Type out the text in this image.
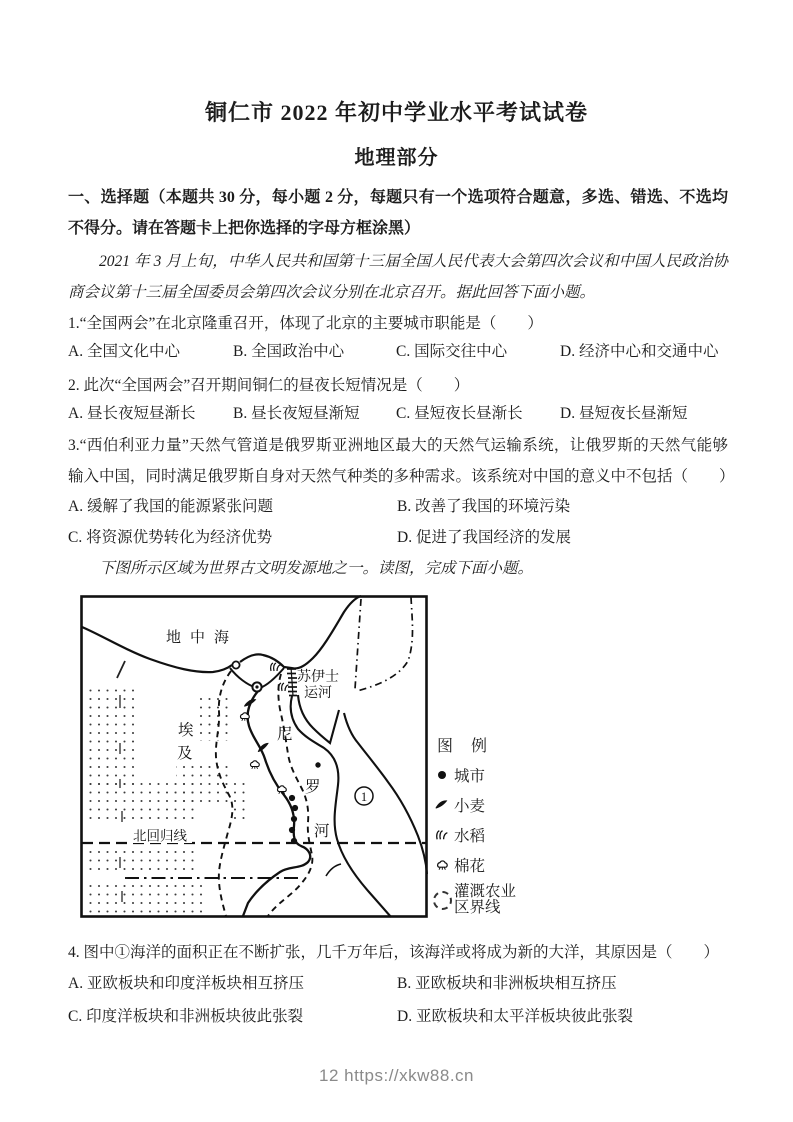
铜仁市 2022 年初中学业水平考试试卷
地理部分
一、选择题（本题共 30 分，每小题 2 分，每题只有一个选项符合题意，多选、错选、不选均不得分。请在答题卡上把你选择的字母方框涂黑）
2021 年 3 月上旬，中华人民共和国第十三届全国人民代表大会第四次会议和中国人民政治协商会议第十三届全国委员会第四次会议分别在北京召开。据此回答下面小题。
1.“全国两会”在北京隆重召开，体现了北京的主要城市职能是（　　）
A. 全国文化中心	B. 全国政治中心	C. 国际交往中心	D. 经济中心和交通中心
2. 此次“全国两会”召开期间铜仁的昼夜长短情况是（　　）
A. 昼长夜短昼渐长 B. 昼长夜短昼渐短 C. 昼短夜长昼渐长 D. 昼短夜长昼渐短
3.“西伯利亚力量”天然气管道是俄罗斯亚洲地区最大的天然气运输系统，让俄罗斯的天然气能够输入中国，同时满足俄罗斯自身对天然气种类的多种需求。该系统对中国的意义中不包括（　　）
A. 缓解了我国的能源紧张问题	B. 改善了我国的环境污染
C. 将资源优势转化为经济优势	D. 促进了我国经济的发展
下图所示区域为世界古文明发源地之一。读图，完成下面小题。
北回归线
1
地中海
埃
及
苏伊士
运河
尼
罗
河
图 例
城市
小麦
水稻
棉花
灌溉农业
区界线
4. 图中①海洋的面积正在不断扩张，几千万年后，该海洋或将成为新的大洋，其原因是（　　）
A. 亚欧板块和印度洋板块相互挤压	B. 亚欧板块和非洲板块相互挤压
C. 印度洋板块和非洲板块彼此张裂	D. 亚欧板块和太平洋板块彼此张裂
12 https://xkw88.cn
